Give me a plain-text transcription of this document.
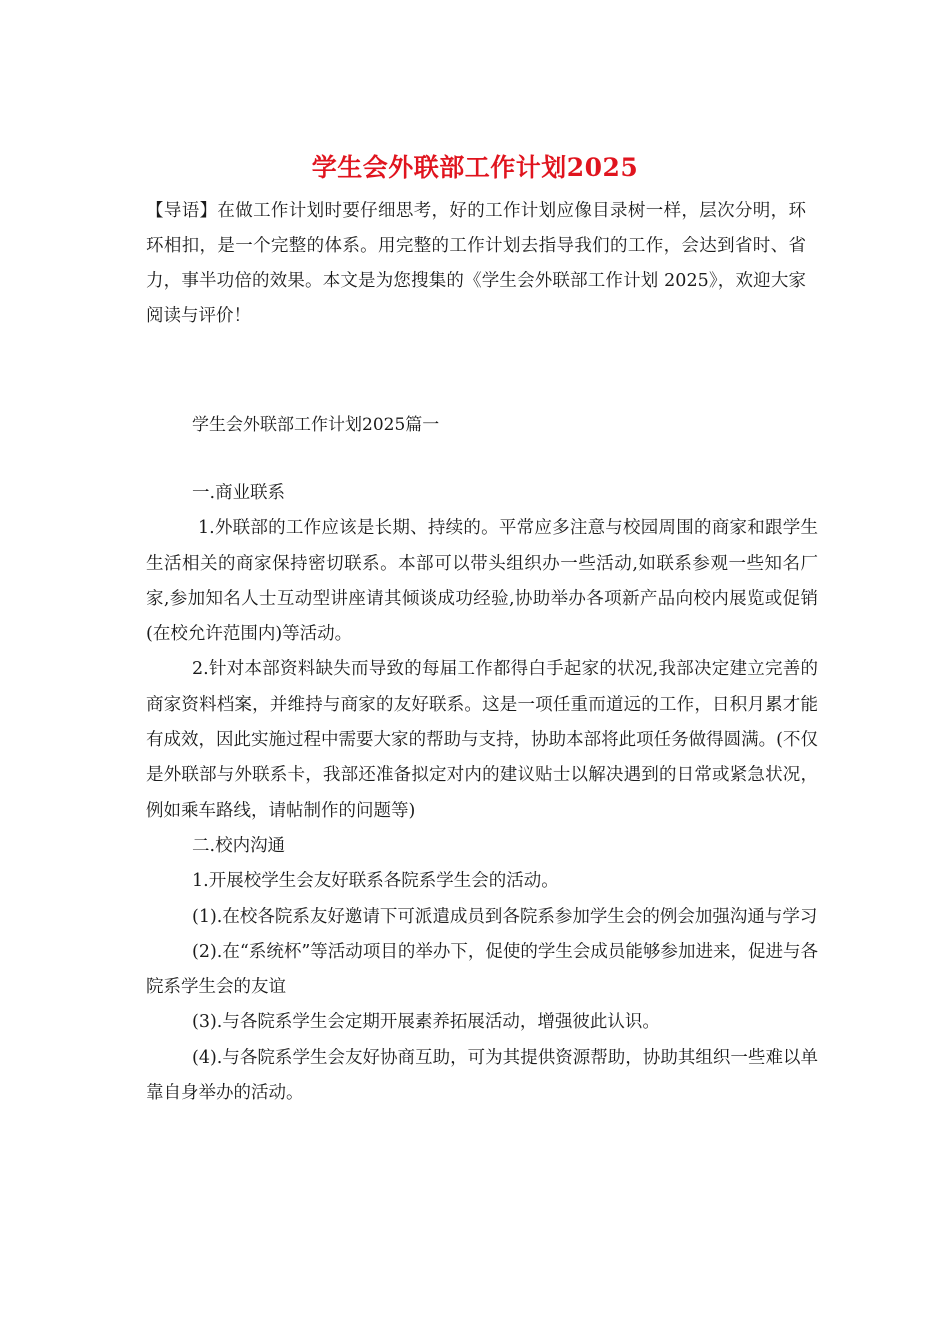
学生会外联部工作计划2025

【导语】在做工作计划时要仔细思考，好的工作计划应像目录树一样，层次分明，环环相扣，是一个完整的体系。用完整的工作计划去指导我们的工作，会达到省时、省力，事半功倍的效果。本文是为您搜集的《学生会外联部工作计划 2025》，欢迎大家阅读与评价！

学生会外联部工作计划2025篇一

一.商业联系

1.外联部的工作应该是长期、持续的。平常应多注意与校园周围的商家和跟学生生活相关的商家保持密切联系。本部可以带头组织办一些活动,如联系参观一些知名厂家,参加知名人士互动型讲座请其倾谈成功经验,协助举办各项新产品向校内展览或促销(在校允许范围内)等活动。

2.针对本部资料缺失而导致的每届工作都得白手起家的状况,我部决定建立完善的商家资料档案，并维持与商家的友好联系。这是一项任重而道远的工作，日积月累才能有成效，因此实施过程中需要大家的帮助与支持，协助本部将此项任务做得圆满。(不仅是外联部与外联系卡，我部还准备拟定对内的建议贴士以解决遇到的日常或紧急状况，例如乘车路线，请帖制作的问题等)

二.校内沟通

1.开展校学生会友好联系各院系学生会的活动。

(1).在校各院系友好邀请下可派遣成员到各院系参加学生会的例会加强沟通与学习

(2).在“系统杯”等活动项目的举办下，促使的学生会成员能够参加进来，促进与各院系学生会的友谊

(3).与各院系学生会定期开展素养拓展活动，增强彼此认识。

(4).与各院系学生会友好协商互助，可为其提供资源帮助，协助其组织一些难以单靠自身举办的活动。
